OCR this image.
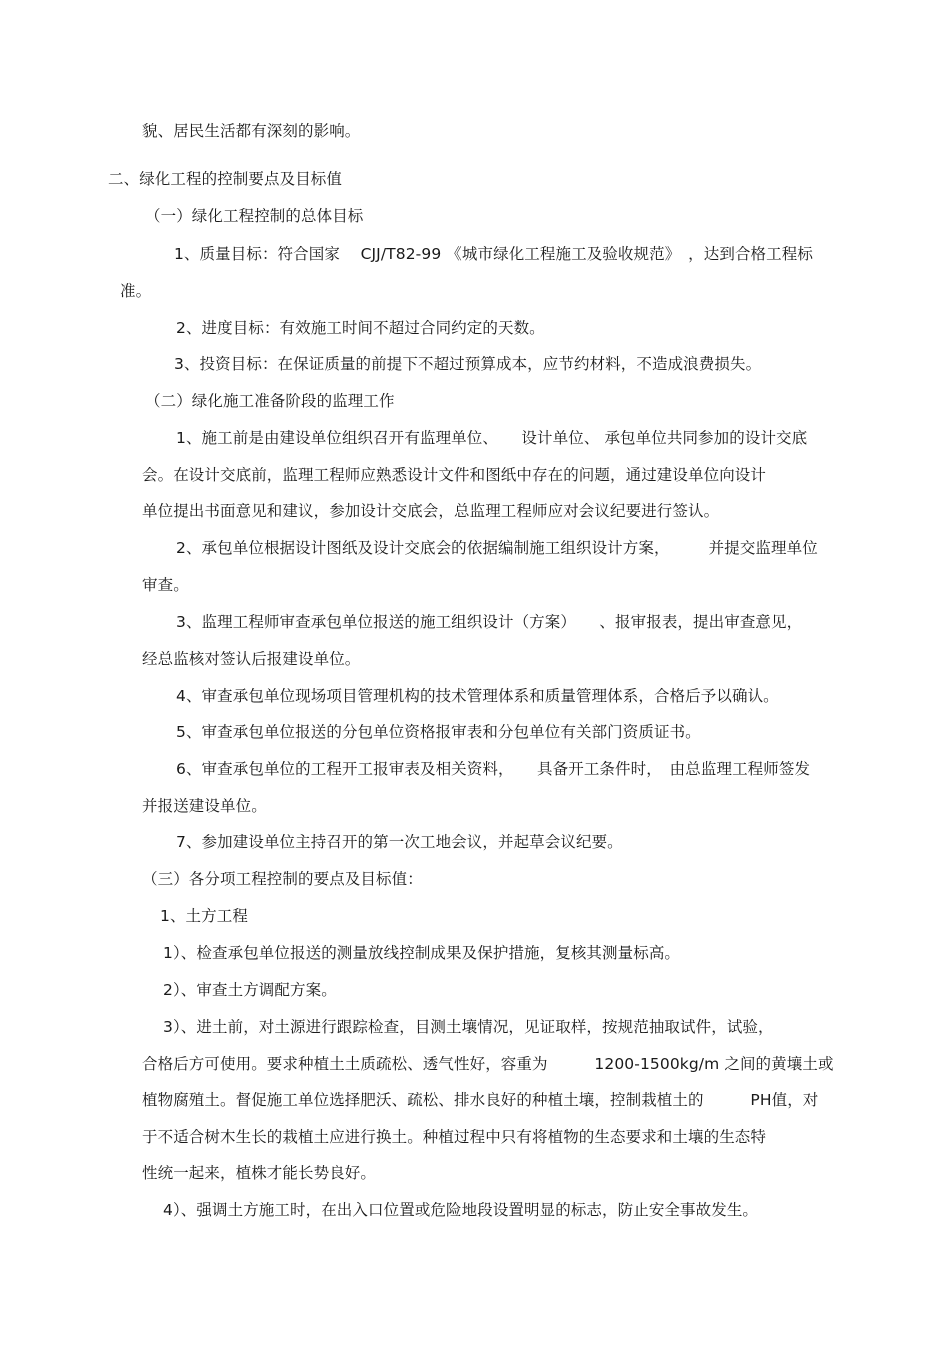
貌、居民生活都有深刻的影响。
二、绿化工程的控制要点及目标值
（一）绿化工程控制的总体目标
1、质量目标：符合国家　 CJJ/T82-99 《城市绿化工程施工及验收规范》　，达到合格工程标
准。
2、进度目标：有效施工时间不超过合同约定的天数。
3、投资目标：在保证质量的前提下不超过预算成本，应节约材料，不造成浪费损失。
（二）绿化施工准备阶段的监理工作
1、施工前是由建设单位组织召开有监理单位、　　设计单位、 承包单位共同参加的设计交底
会。在设计交底前，监理工程师应熟悉设计文件和图纸中存在的问题，通过建设单位向设计
单位提出书面意见和建议，参加设计交底会，总监理工程师应对会议纪要进行签认。
2、承包单位根据设计图纸及设计交底会的依据编制施工组织设计方案，　　　并提交监理单位
审查。
3、监理工程师审查承包单位报送的施工组织设计（方案）　　、报审报表，提出审查意见，
经总监核对签认后报建设单位。
4、审查承包单位现场项目管理机构的技术管理体系和质量管理体系，合格后予以确认。
5、审查承包单位报送的分包单位资格报审表和分包单位有关部门资质证书。
6、审查承包单位的工程开工报审表及相关资料，　　具备开工条件时，　由总监理工程师签发
并报送建设单位。
7、参加建设单位主持召开的第一次工地会议，并起草会议纪要。
（三）各分项工程控制的要点及目标值：
1、土方工程
1）、检查承包单位报送的测量放线控制成果及保护措施，复核其测量标高。
2）、审查土方调配方案。
3）、进土前，对土源进行跟踪检查，目测土壤情况，见证取样，按规范抽取试件，试验，
合格后方可使用。要求种植土土质疏松、透气性好，容重为　　　1200-1500kg/m 之间的黄壤土或
植物腐殖土。督促施工单位选择肥沃、疏松、排水良好的种植土壤，控制栽植土的　　　PH值，对
于不适合树木生长的栽植土应进行换土。种植过程中只有将植物的生态要求和土壤的生态特
性统一起来，植株才能长势良好。
4）、强调土方施工时，在出入口位置或危险地段设置明显的标志，防止安全事故发生。
